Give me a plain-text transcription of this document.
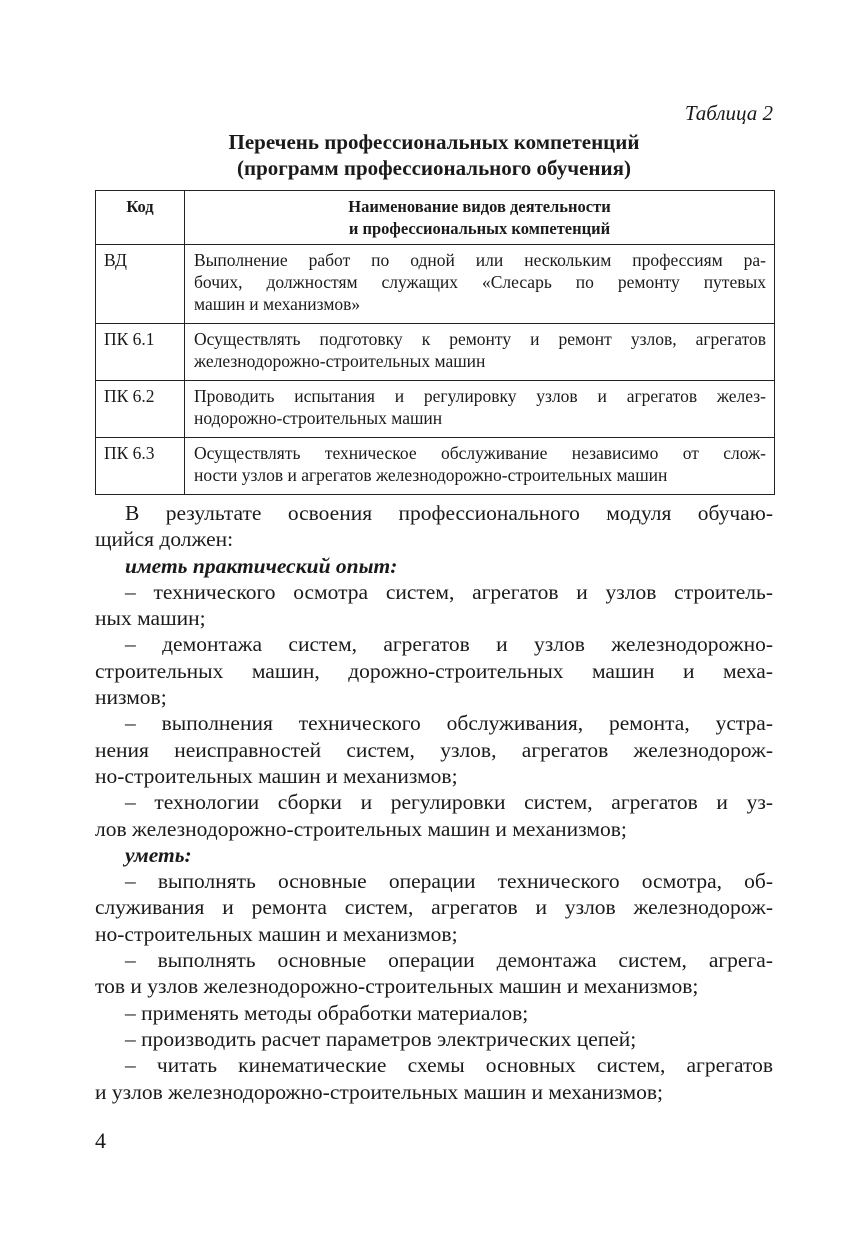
Таблица 2
Перечень профессиональных компетенций
(программ профессионального обучения)
Код	Наименование видов деятельности
и профессиональных компетенций

ВД	Выполнение работ по одной или нескольким профессиям ра-
бочих, должностям служащих «Слесарь по ремонту путевых
машин и механизмов»

ПК 6.1	Осуществлять подготовку к ремонту и ремонт узлов, агрегатов
железнодорожно-строительных машин

ПК 6.2	Проводить испытания и регулировку узлов и агрегатов желез-
нодорожно-строительных машин

ПК 6.3	Осуществлять техническое обслуживание независимо от слож-
ности узлов и агрегатов железнодорожно-строительных машин
В результате освоения профессионального модуля обучаю-
щийся должен:
иметь практический опыт:
– технического осмотра систем, агрегатов и узлов строитель-
ных машин;
– демонтажа систем, агрегатов и узлов железнодорожно-
строительных машин, дорожно-строительных машин и меха-
низмов;
– выполнения технического обслуживания, ремонта, устра-
нения неисправностей систем, узлов, агрегатов железнодорож-
но-строительных машин и механизмов;
– технологии сборки и регулировки систем, агрегатов и уз-
лов железнодорожно-строительных машин и механизмов;
уметь:
– выполнять основные операции технического осмотра, об-
служивания и ремонта систем, агрегатов и узлов железнодорож-
но-строительных машин и механизмов;
– выполнять основные операции демонтажа систем, агрега-
тов и узлов железнодорожно-строительных машин и механизмов;
– применять методы обработки материалов;
– производить расчет параметров электрических цепей;
– читать кинематические схемы основных систем, агрегатов
и узлов железнодорожно-строительных машин и механизмов;
4
